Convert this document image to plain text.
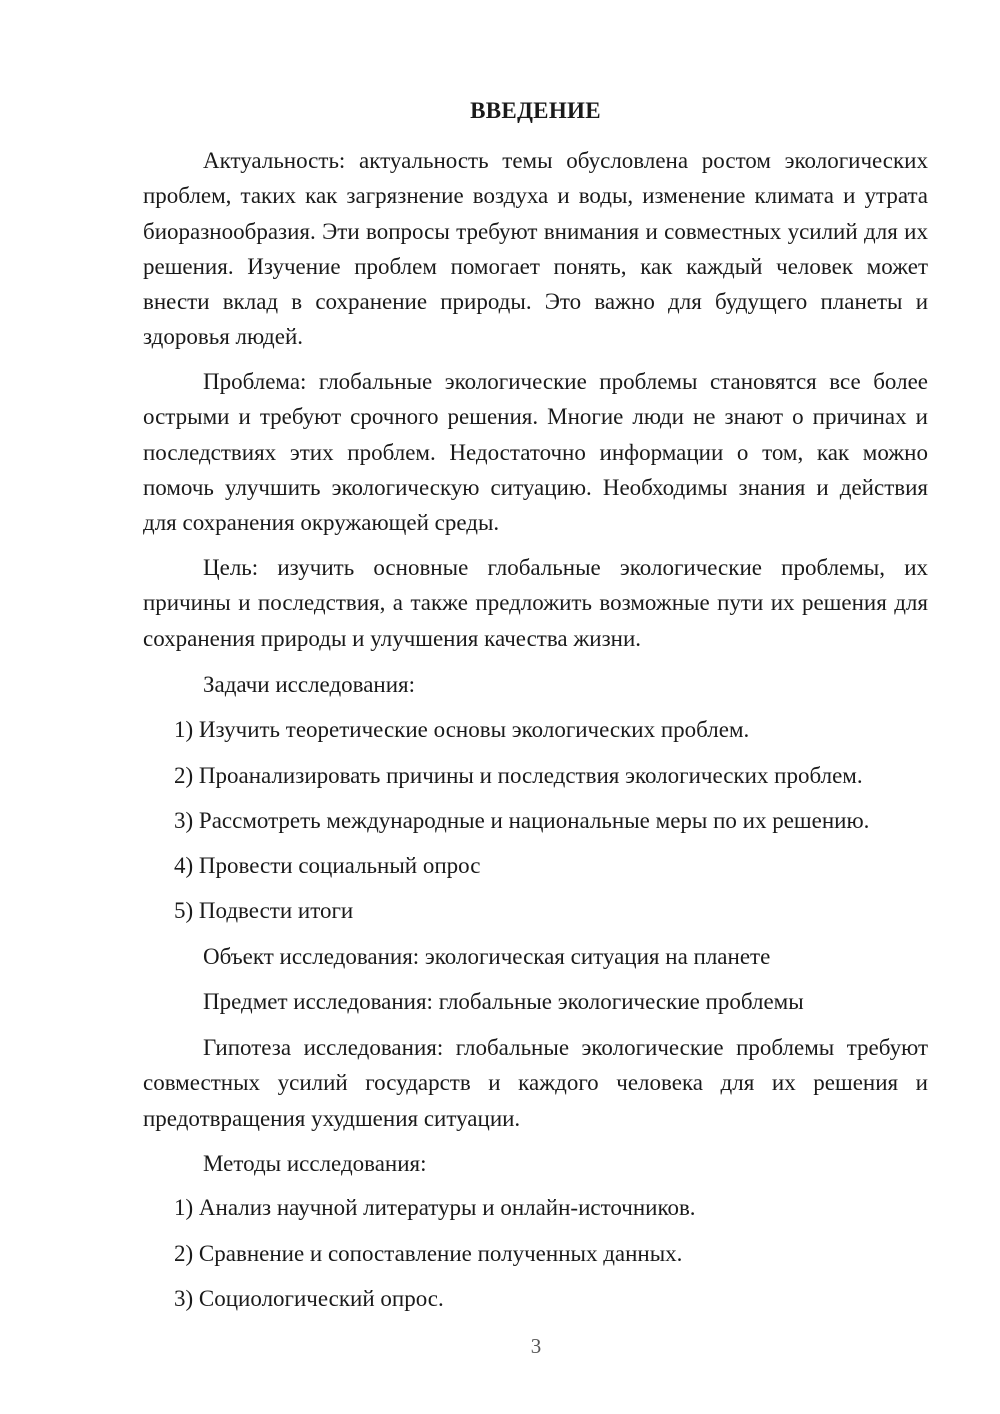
ВВЕДЕНИЕ

Актуальность: актуальность темы обусловлена ростом экологических проблем, таких как загрязнение воздуха и воды, изменение климата и утрата биоразнообразия. Эти вопросы требуют внимания и совместных усилий для их решения. Изучение проблем помогает понять, как каждый человек может внести вклад в сохранение природы. Это важно для будущего планеты и здоровья людей.

Проблема: глобальные экологические проблемы становятся все более острыми и требуют срочного решения. Многие люди не знают о причинах и последствиях этих проблем. Недостаточно информации о том, как можно помочь улучшить экологическую ситуацию. Необходимы знания и действия для сохранения окружающей среды.

Цель: изучить основные глобальные экологические проблемы, их причины и последствия, а также предложить возможные пути их решения для сохранения природы и улучшения качества жизни.

Задачи исследования:
1) Изучить теоретические основы экологических проблем.
2) Проанализировать причины и последствия экологических проблем.
3) Рассмотреть международные и национальные меры по их решению.
4) Провести социальный опрос
5) Подвести итоги
Объект исследования: экологическая ситуация на планете
Предмет исследования: глобальные экологические проблемы

Гипотеза исследования: глобальные экологические проблемы требуют совместных усилий государств и каждого человека для их решения и предотвращения ухудшения ситуации.

Методы исследования:
1) Анализ научной литературы и онлайн-источников.
2) Сравнение и сопоставление полученных данных.
3) Социологический опрос.
3
